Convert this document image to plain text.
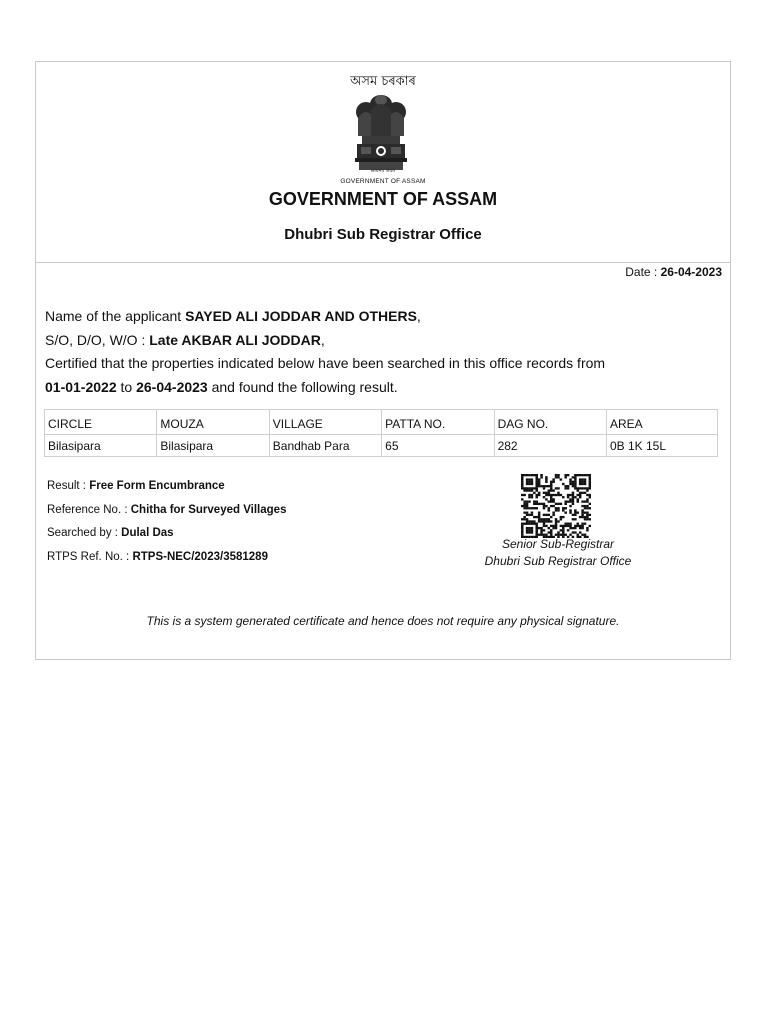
অসম চৰকাৰ
सत्यमेव जयते
GOVERNMENT OF ASSAM
GOVERNMENT OF ASSAM
Dhubri Sub Registrar Office
Date : 26-04-2023
Name of the applicant SAYED ALI JODDAR AND OTHERS,
S/O, D/O, W/O : Late AKBAR ALI JODDAR,
Certified that the properties indicated below have been searched in this office records from
01-01-2022 to 26-04-2023 and found the following result.
CIRCLE	MOUZA	VILLAGE	PATTA NO.	DAG NO.	AREA
Bilasipara	Bilasipara	Bandhab Para	65	282	0B 1K 15L
Result : Free Form Encumbrance
Reference No. : Chitha for Surveyed Villages
Searched by : Dulal Das
RTPS Ref. No. : RTPS-NEC/2023/3581289
Senior Sub-Registrar
Dhubri Sub Registrar Office
This is a system generated certificate and hence does not require any physical signature.
